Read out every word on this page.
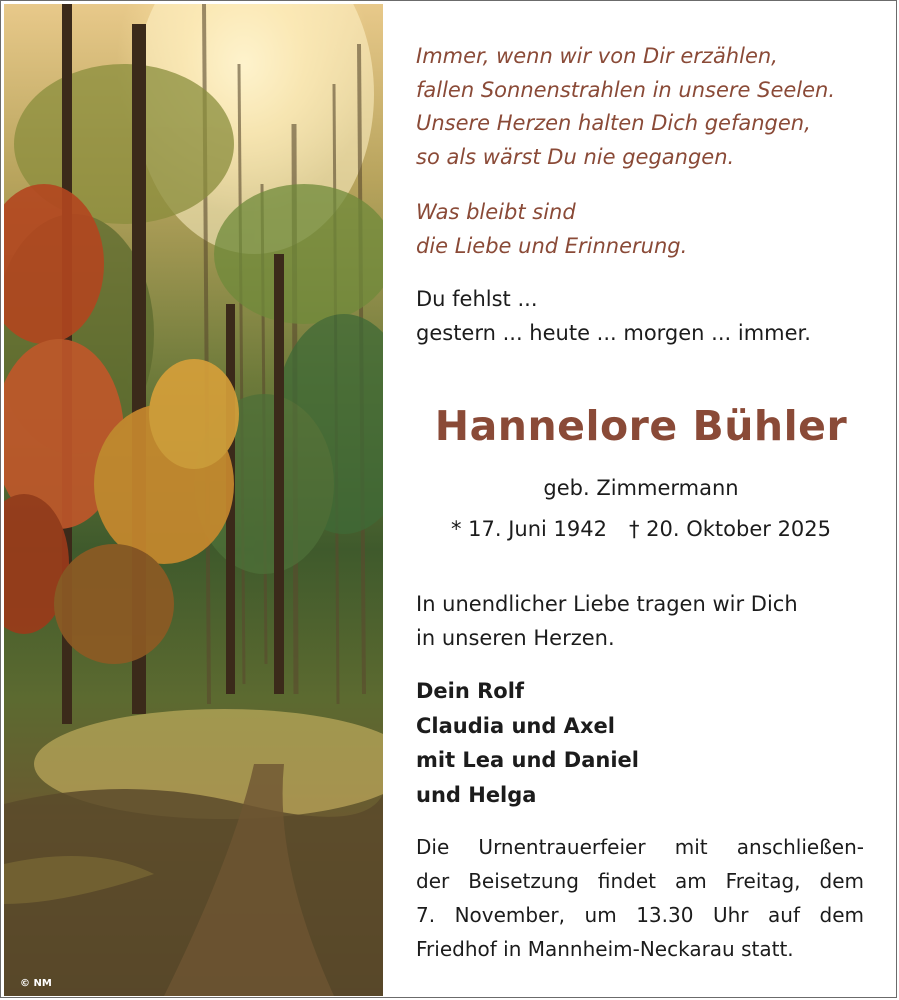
© NM
Immer, wenn wir von Dir erzählen,
fallen Sonnenstrahlen in unsere Seelen.
Unsere Herzen halten Dich gefangen,
so als wärst Du nie gegangen.
Was bleibt sind
die Liebe und Erinnerung.
Du fehlst ...
gestern ... heute ... morgen ... immer.
Hannelore Bühler
geb. Zimmermann
* 17. Juni 1942 † 20. Oktober 2025
In unendlicher Liebe tragen wir Dich
in unseren Herzen.
Dein Rolf
Claudia und Axel
mit Lea und Daniel
und Helga
Die Urnentrauerfeier mit anschließen-
der Beisetzung findet am Freitag, dem
7. November, um 13.30 Uhr auf dem
Friedhof in Mannheim-Neckarau statt.
